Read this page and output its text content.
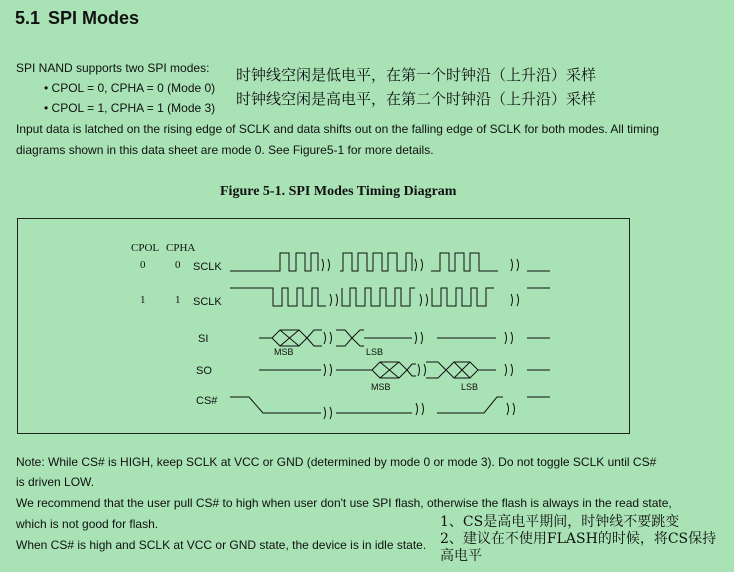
5.1 SPI Modes
SPI NAND supports two SPI modes:
• CPOL = 0, CPHA = 0 (Mode 0)
• CPOL = 1, CPHA = 1 (Mode 3)
时钟线空闲是低电平，在第一个时钟沿（上升沿）采样
时钟线空闲是高电平，在第二个时钟沿（上升沿）采样
Input data is latched on the rising edge of SCLK and data shifts out on the falling edge of SCLK for both modes. All timing
diagrams shown in this data sheet are mode 0. See Figure5-1 for more details.
Figure 5-1. SPI Modes Timing Diagram
CPOL CPHA
0	0
1	1
SCLK
SCLK
SI
SO
CS#
MSB	LSB
MSB	LSB
Note: While CS# is HIGH, keep SCLK at VCC or GND (determined by mode 0 or mode 3). Do not toggle SCLK until CS#
is driven LOW.
We recommend that the user pull CS# to high when user don't use SPI flash, otherwise the flash is always in the read state,
which is not good for flash.
When CS# is high and SCLK at VCC or GND state, the device is in idle state.
1、CS是高电平期间，时钟线不要跳变
2、建议在不使用FLASH的时候，将CS保持
高电平
